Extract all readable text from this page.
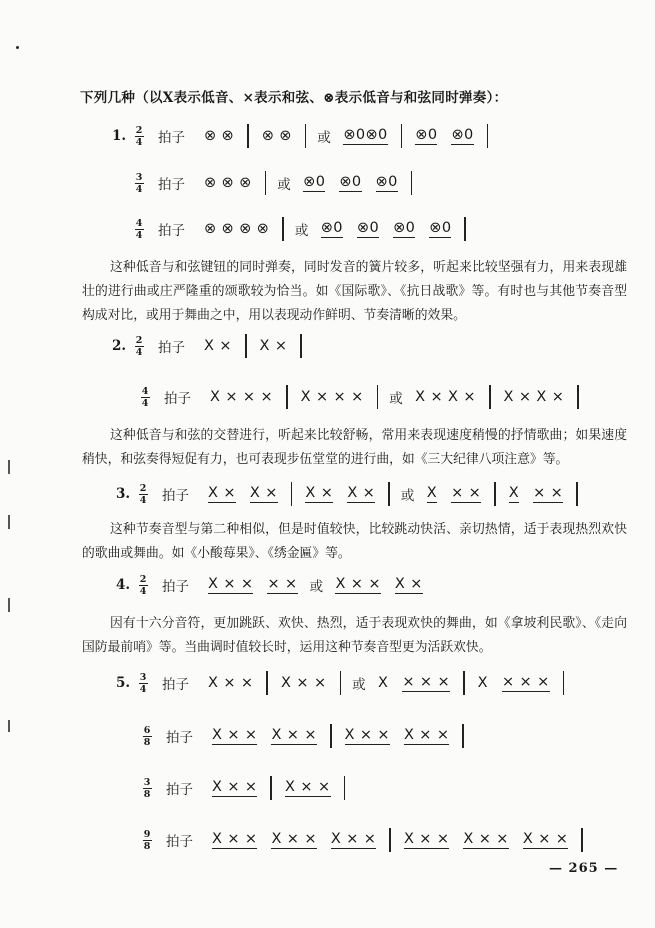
下列几种（以X表示低音、×表示和弦、⊗表示低音与和弦同时弹奏）：
1. $\frac{2}{4}$ 拍子 ⊗ ⊗ ⊗ ⊗ 或 ⊗0⊗0 ⊗0 ⊗0
$\frac{3}{4}$ 拍子 ⊗ ⊗ ⊗ 或 ⊗0 ⊗0 ⊗0
$\frac{4}{4}$ 拍子 ⊗ ⊗ ⊗ ⊗ 或 ⊗0 ⊗0 ⊗0 ⊗0
这种低音与和弦键钮的同时弹奏，同时发音的簧片较多，听起来比较坚强有力，用来表现雄壮的进行曲或庄严隆重的颂歌较为恰当。如《国际歌》、《抗日战歌》等。有时也与其他节奏音型构成对比，或用于舞曲之中，用以表现动作鲜明、节奏清晰的效果。
2. $\frac{2}{4}$ 拍子 X × X ×
$\frac{4}{4}$ 拍子 X × × × X × × × 或 X × X × X × X ×
这种低音与和弦的交替进行，听起来比较舒畅，常用来表现速度稍慢的抒情歌曲；如果速度稍快，和弦奏得短促有力，也可表现步伍堂堂的进行曲，如《三大纪律八项注意》等。
3. $\frac{2}{4}$ 拍子 X × X × X × X × 或 X × × X × ×
这种节奏音型与第二种相似，但是时值较快，比较跳动快活、亲切热情，适于表现热烈欢快的歌曲或舞曲。如《小酸莓果》、《绣金匾》等。
4. $\frac{2}{4}$ 拍子 X × × × × 或 X × × X ×
因有十六分音符，更加跳跃、欢快、热烈，适于表现欢快的舞曲，如《拿坡利民歌》、《走向国防最前哨》等。当曲调时值较长时，运用这种节奏音型更为活跃欢快。
5. $\frac{3}{4}$ 拍子 X × × X × × 或 X × × × X × × ×
$\frac{6}{8}$ 拍子 X × × X × × X × × X × ×
$\frac{3}{8}$ 拍子 X × × X × ×
$\frac{9}{8}$ 拍子 X × × X × × X × × X × × X × × X × ×
— 265 —
